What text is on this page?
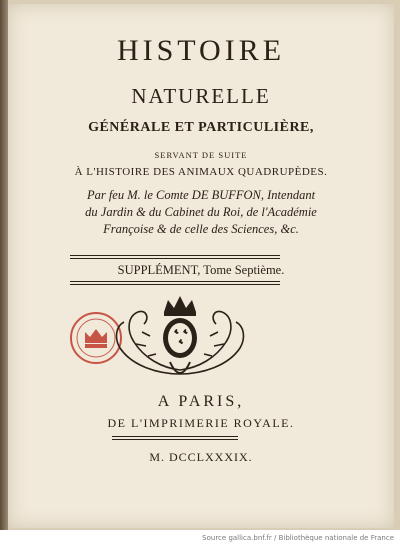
HISTOIRE
NATURELLE
GÉNÉRALE ET PARTICULIÈRE,
SERVANT DE SUITE
À L'HISTOIRE DES ANIMAUX QUADRUPÈDES.
Par feu M. le Comte DE BUFFON, Intendant
du Jardin & du Cabinet du Roi, de l'Académie
Françoise & de celle des Sciences, &c.
SUPPLÉMENT, Tome Septième.
A PARIS,
DE L'IMPRIMERIE ROYALE.
M. DCCLXXXIX.
Source gallica.bnf.fr / Bibliothèque nationale de France
